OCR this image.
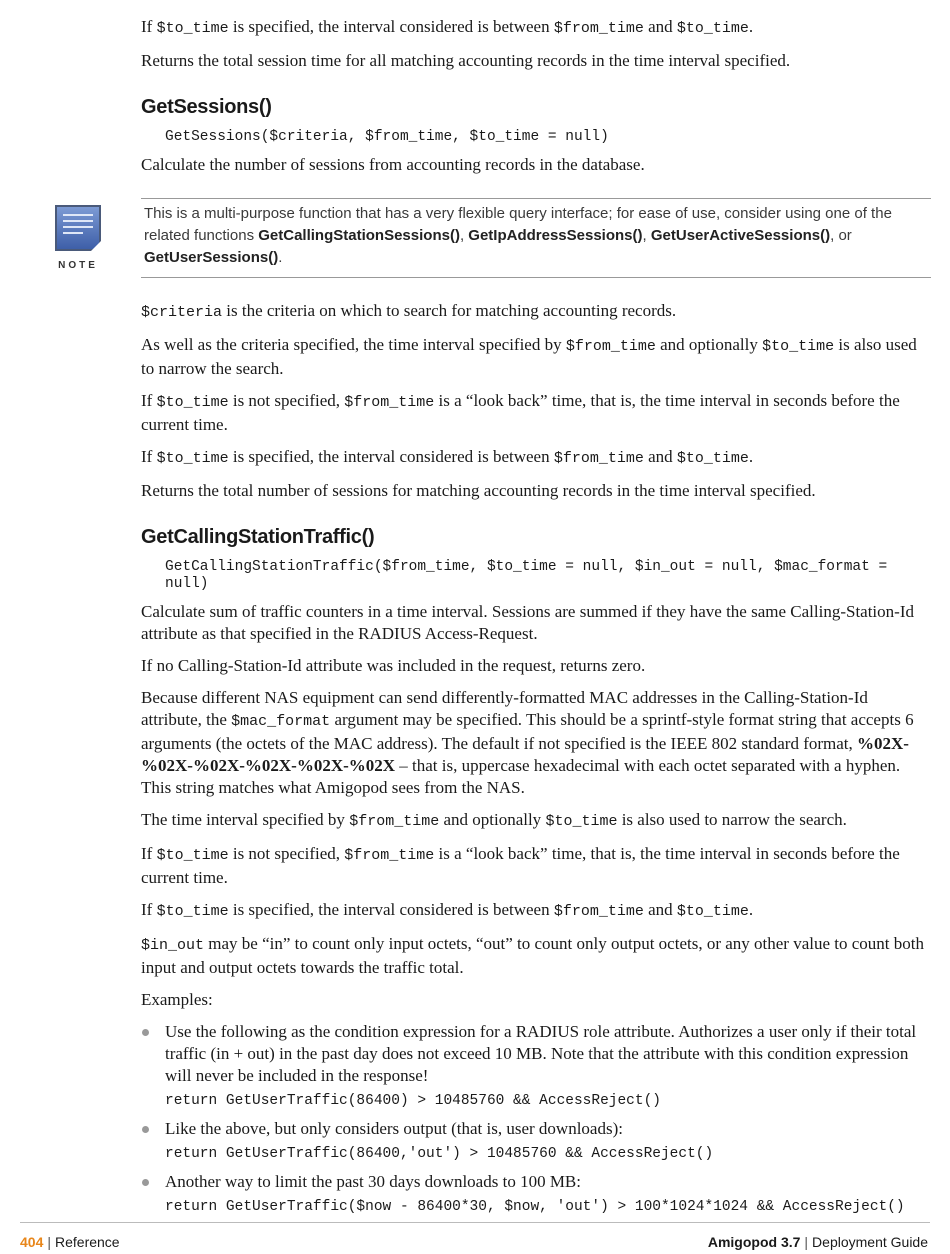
If $to_time is specified, the interval considered is between $from_time and $to_time.

Returns the total session time for all matching accounting records in the time interval specified.

GetSessions()
GetSessions($criteria, $from_time, $to_time = null)

Calculate the number of sessions from accounting records in the database.

NOTE
This is a multi-purpose function that has a very flexible query interface; for ease of use, consider using one of the related functions GetCallingStationSessions(), GetIpAddressSessions(), GetUserActiveSessions(), or GetUserSessions().

$criteria is the criteria on which to search for matching accounting records.

As well as the criteria specified, the time interval specified by $from_time and optionally $to_time is also used to narrow the search.

If $to_time is not specified, $from_time is a “look back” time, that is, the time interval in seconds before the current time.

If $to_time is specified, the interval considered is between $from_time and $to_time.

Returns the total number of sessions for matching accounting records in the time interval specified.

GetCallingStationTraffic()
GetCallingStationTraffic($from_time, $to_time = null, $in_out = null, $mac_format = null)

Calculate sum of traffic counters in a time interval. Sessions are summed if they have the same Calling-Station-Id attribute as that specified in the RADIUS Access-Request.

If no Calling-Station-Id attribute was included in the request, returns zero.

Because different NAS equipment can send differently-formatted MAC addresses in the Calling-Station-Id attribute, the $mac_format argument may be specified. This should be a sprintf-style format string that accepts 6 arguments (the octets of the MAC address). The default if not specified is the IEEE 802 standard format, %02X-%02X-%02X-%02X-%02X-%02X – that is, uppercase hexadecimal with each octet separated with a hyphen. This string matches what Amigopod sees from the NAS.

The time interval specified by $from_time and optionally $to_time is also used to narrow the search.

If $to_time is not specified, $from_time is a “look back” time, that is, the time interval in seconds before the current time.

If $to_time is specified, the interval considered is between $from_time and $to_time.

$in_out may be “in” to count only input octets, “out” to count only output octets, or any other value to count both input and output octets towards the traffic total.

Examples:

Use the following as the condition expression for a RADIUS role attribute. Authorizes a user only if their total traffic (in + out) in the past day does not exceed 10 MB. Note that the attribute with this condition expression will never be included in the response!
return GetUserTraffic(86400) > 10485760 && AccessReject()
Like the above, but only considers output (that is, user downloads):
return GetUserTraffic(86400,'out') > 10485760 && AccessReject()
Another way to limit the past 30 days downloads to 100 MB:
return GetUserTraffic($now - 86400*30, $now, 'out') > 100*1024*1024 && AccessReject()
404 | Reference	Amigopod 3.7 | Deployment Guide
